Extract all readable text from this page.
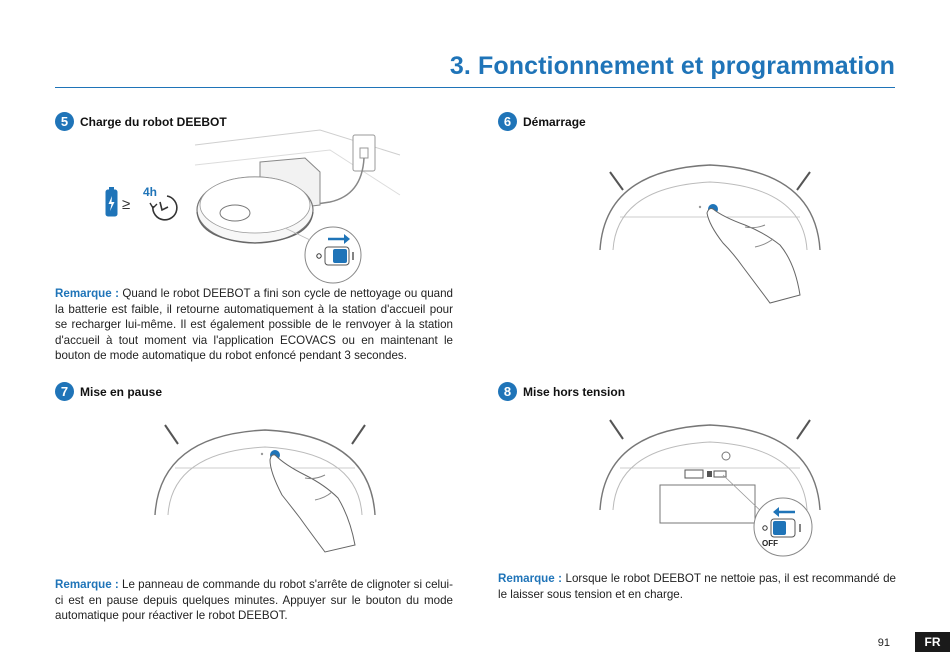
3. Fonctionnement et programmation
5 Charge du robot DEEBOT	6 Démarrage
7 Mise en pause	8 Mise hors tension
≥
4h
OFF
Remarque : Quand le robot DEEBOT a fini son cycle de nettoyage ou quand la batterie est faible, il retourne automatiquement à la station d'accueil pour se recharger lui-même. Il est également possible de le renvoyer à la station d'accueil à tout moment via l'application ECOVACS ou en maintenant le bouton de mode automatique du robot enfoncé pendant 3 secondes.
Remarque : Le panneau de commande du robot s'arrête de clignoter si celui-ci est en pause depuis quelques minutes. Appuyer sur le bouton du mode automatique pour réactiver le robot DEEBOT.
Remarque : Lorsque le robot DEEBOT ne nettoie pas, il est recommandé de le laisser sous tension et en charge.
91	FR
